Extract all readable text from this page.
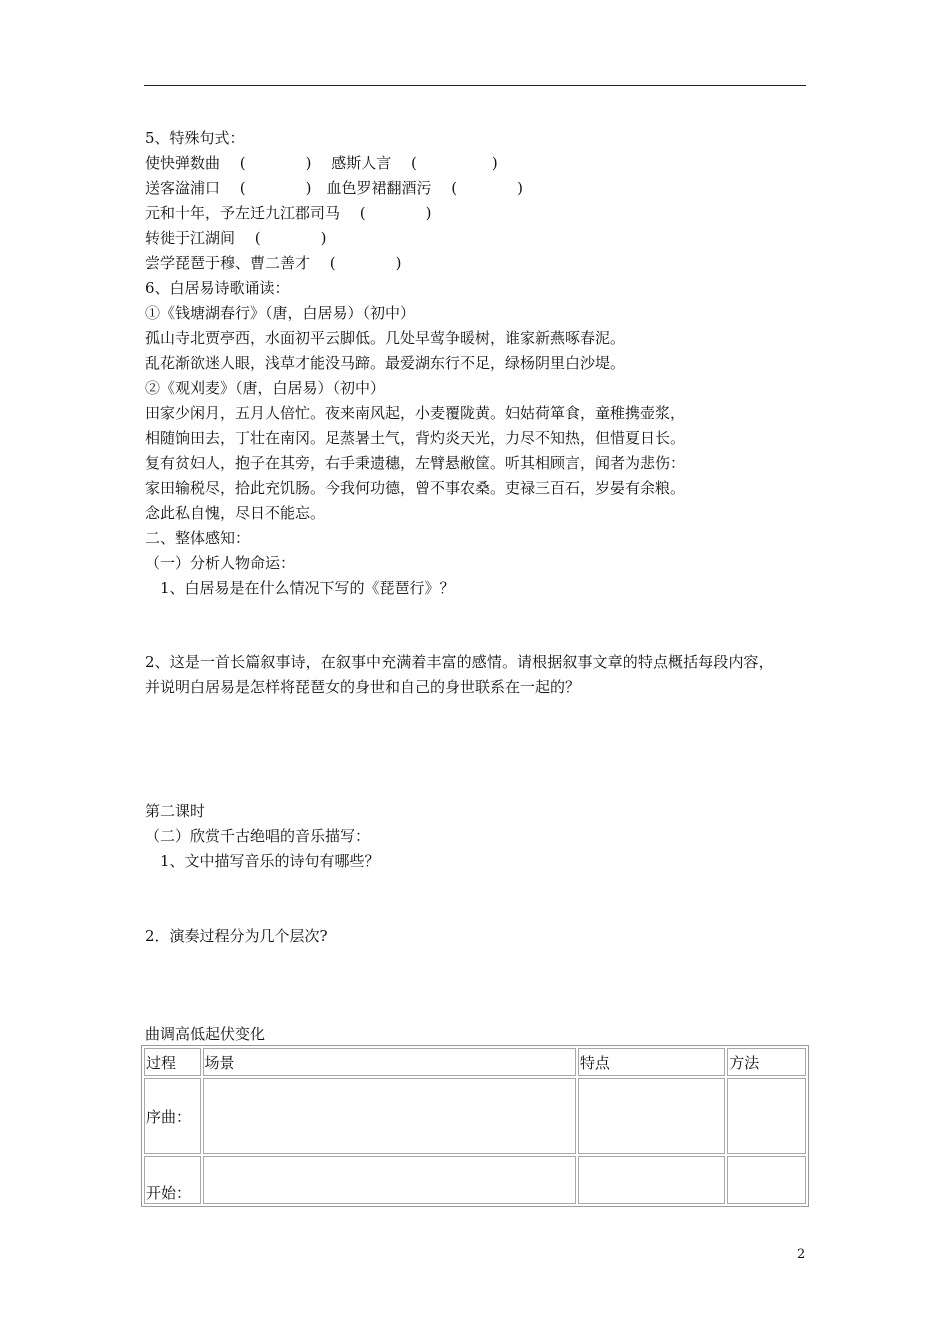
5、特殊句式：
使快弹数曲　 (　　　　)　 感斯人言　 (　　　　　)
送客湓浦口　 (　　　　)　血色罗裙翻酒污　 (　　　　)
元和十年，予左迁九江郡司马　 (　　　　)
转徙于江湖间　 (　　　　)
尝学琵琶于穆、曹二善才　 (　　　　)
6、白居易诗歌诵读：
①《钱塘湖春行》（唐，白居易）（初中）
孤山寺北贾亭西，水面初平云脚低。几处早莺争暖树，谁家新燕啄春泥。
乱花渐欲迷人眼，浅草才能没马蹄。最爱湖东行不足，绿杨阴里白沙堤。
②《观刈麦》（唐，白居易）（初中）
田家少闲月，五月人倍忙。夜来南风起，小麦覆陇黄。妇姑荷箪食，童稚携壶浆，
相随饷田去，丁壮在南冈。足蒸暑土气，背灼炎天光，力尽不知热，但惜夏日长。
复有贫妇人，抱子在其旁，右手秉遗穗，左臂悬敝筐。听其相顾言，闻者为悲伤：
家田输税尽，拾此充饥肠。今我何功德，曾不事农桑。吏禄三百石，岁晏有余粮。
念此私自愧，尽日不能忘。
二、整体感知：
（一）分析人物命运：
　1、白居易是在什么情况下写的《琵琶行》？
2、这是一首长篇叙事诗，在叙事中充满着丰富的感情。请根据叙事文章的特点概括每段内容，
并说明白居易是怎样将琵琶女的身世和自己的身世联系在一起的？
第二课时
（二）欣赏千古绝唱的音乐描写：
　1、文中描写音乐的诗句有哪些？
2．演奏过程分为几个层次?
曲调高低起伏变化
过程	场景	特点	方法
序曲：			
开始：			
2
